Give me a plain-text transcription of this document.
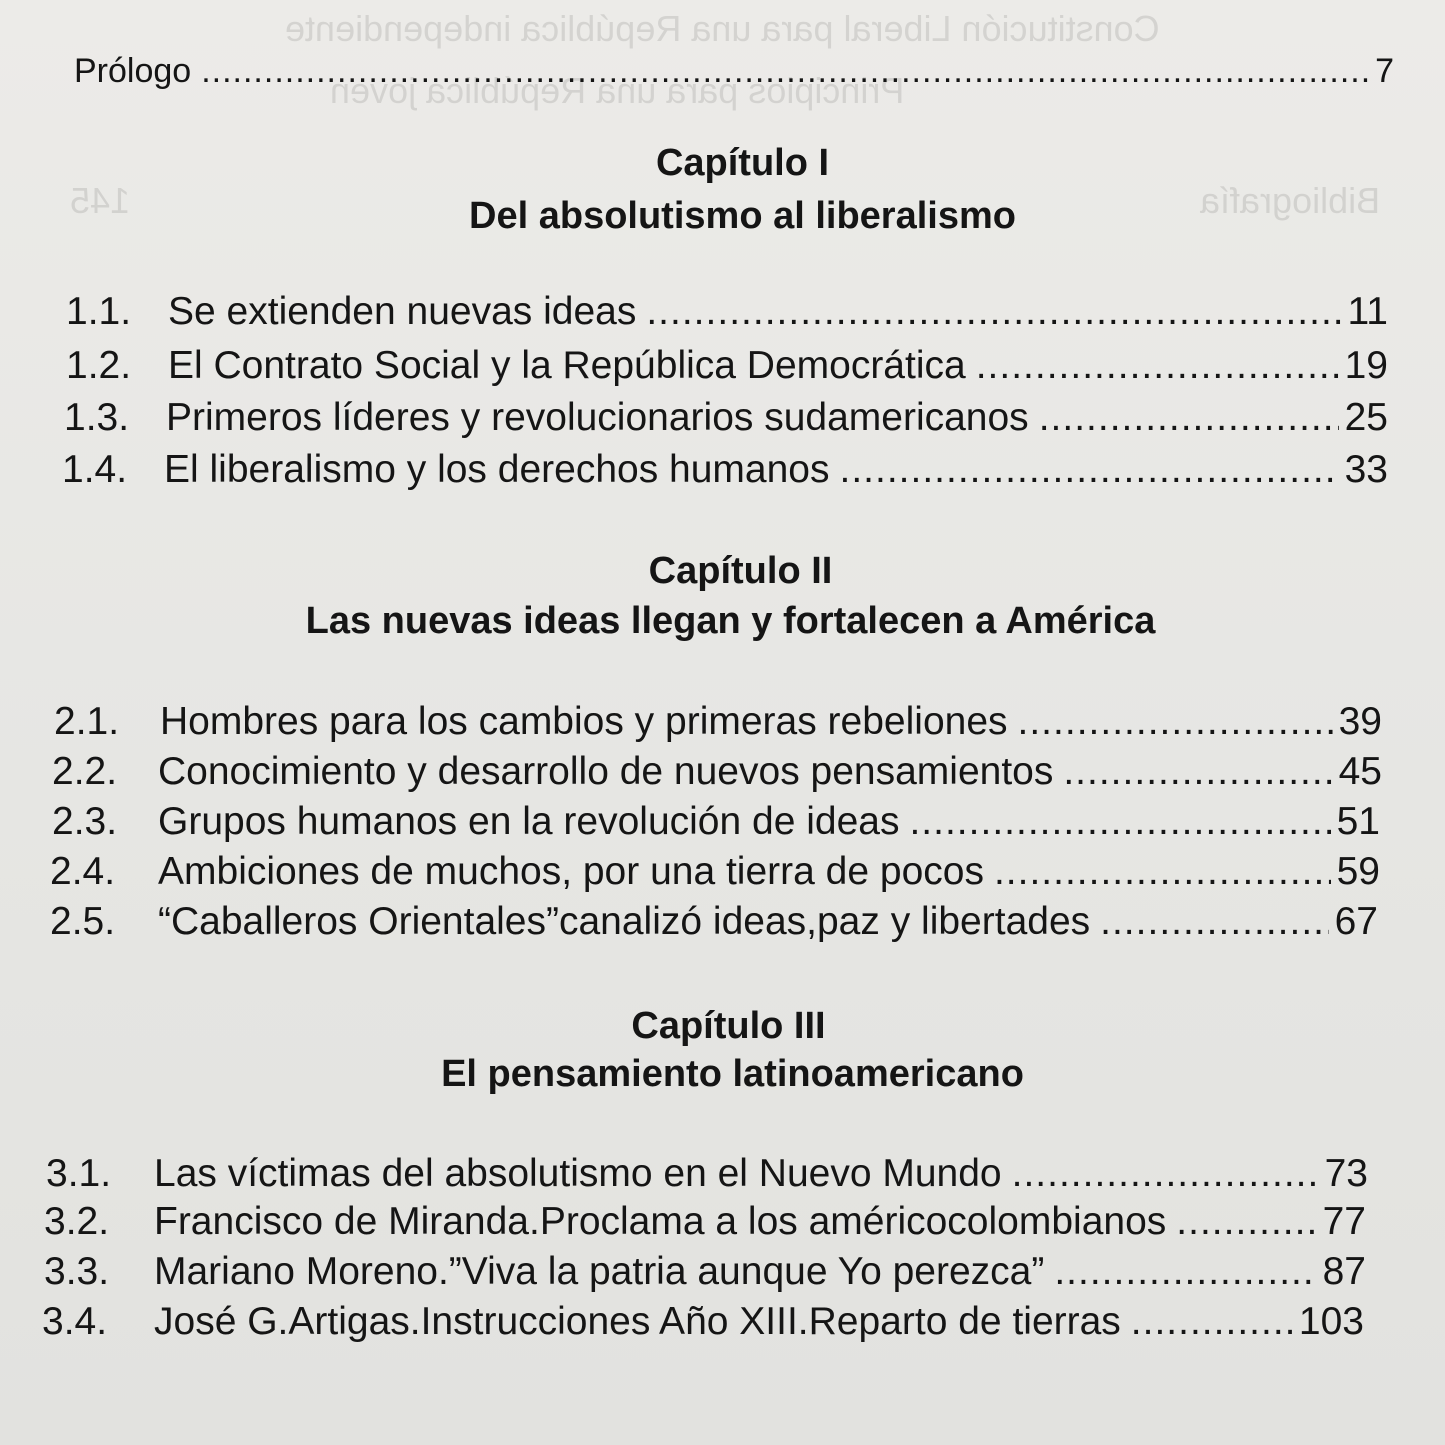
Constitución Liberal para una República independiente
Principios para una República joven
145	Bibliografía
Prólogo .....	7
Capítulo I
Del absolutismo al liberalismo
1.1. Se extienden nuevas ideas .....	11
1.2. El Contrato Social y la República Democrática .....	19
1.3. Primeros líderes y revolucionarios sudamericanos .....	25
1.4. El liberalismo y los derechos humanos .....	33
Capítulo II
Las nuevas ideas llegan y fortalecen a América
2.1.	Hombres para los cambios y primeras rebeliones .....	39
2.2.	Conocimiento y desarrollo de nuevos pensamientos .....	45
2.3.	Grupos humanos en la revolución de ideas .....	51
2.4.	Ambiciones de muchos, por una tierra de pocos .....	59
2.5.	“Caballeros Orientales”canalizó ideas,paz y libertades .....	67
Capítulo III
El pensamiento latinoamericano
3.1.	Las víctimas del absolutismo en el Nuevo Mundo .....	73
3.2.	Francisco de Miranda.Proclama a los américocolombianos .....	77
3.3.	Mariano Moreno.”Viva la patria aunque Yo perezca” .....	87
3.4.	José G.Artigas.Instrucciones Año XIII.Reparto de tierras .....	103
